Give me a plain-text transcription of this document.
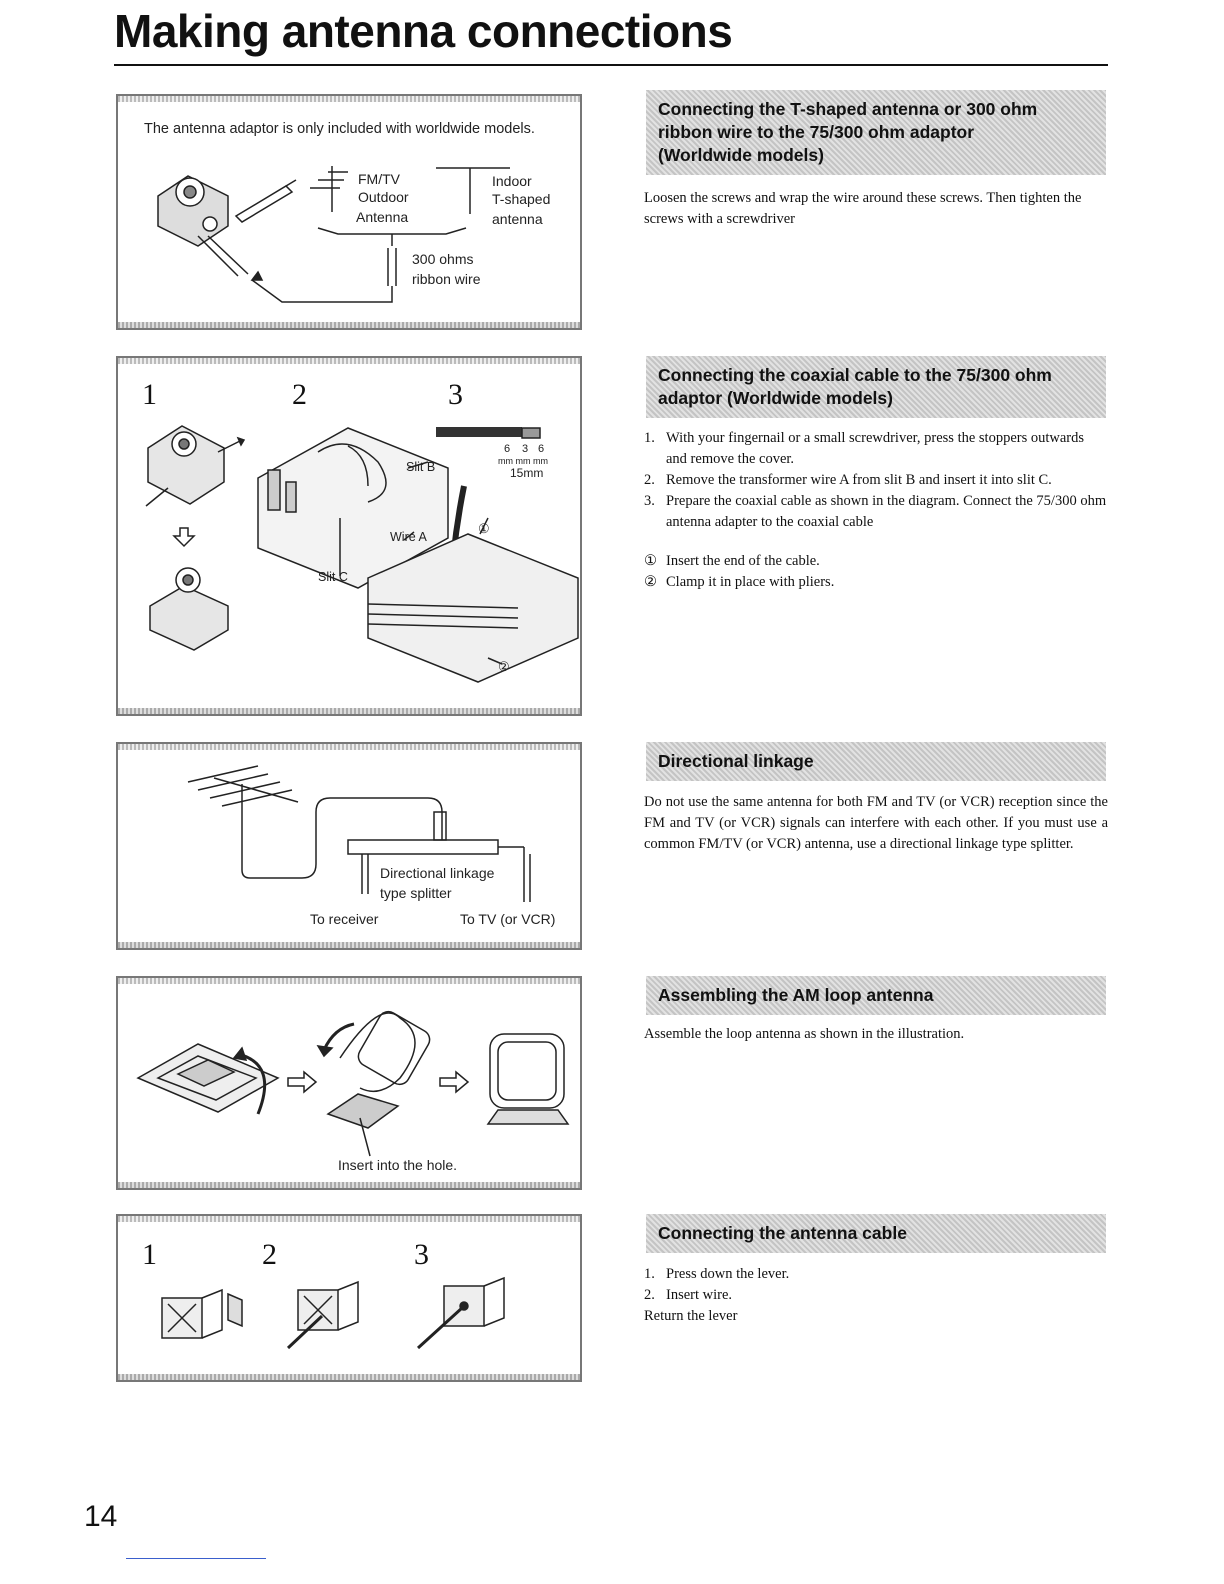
Making antenna connections
The antenna adaptor is only included with worldwide models.
FM/TV
Outdoor
Antenna
Indoor
T-shaped
antenna
300 ohms
ribbon wire
1	2	3
Slit B
Wire A
Slit C
6 3 6
mm mm mm
15mm
①
②
Directional linkage
type splitter
To receiver	To TV (or VCR)
Insert into the hole.
1	2	3
Connecting the T-shaped antenna or 300 ohm
ribbon wire to the 75/300 ohm adaptor
(Worldwide models)

Loosen the screws and wrap the wire around these screws. Then tighten the screws with a screwdriver

Connecting the coaxial cable to the 75/300 ohm
adaptor (Worldwide models)
1. With your fingernail or a small screwdriver, press the stoppers outwards and remove the cover.
2. Remove the transformer wire A from slit B and insert it into slit C.
3. Prepare the coaxial cable as shown in the diagram. Connect the 75/300 ohm antenna adapter to the coaxial cable
① Insert the end of the cable.
② Clamp it in place with pliers.
Directional linkage

Do not use the same antenna for both FM and TV (or VCR) reception since the FM and TV (or VCR) signals can interfere with each other. If you must use a common FM/TV (or VCR) antenna, use a directional linkage type splitter.

Assembling the AM loop antenna

Assemble the loop antenna as shown in the illustration.

Connecting the antenna cable
1. Press down the lever.
2. Insert wire.

Return the lever

14
